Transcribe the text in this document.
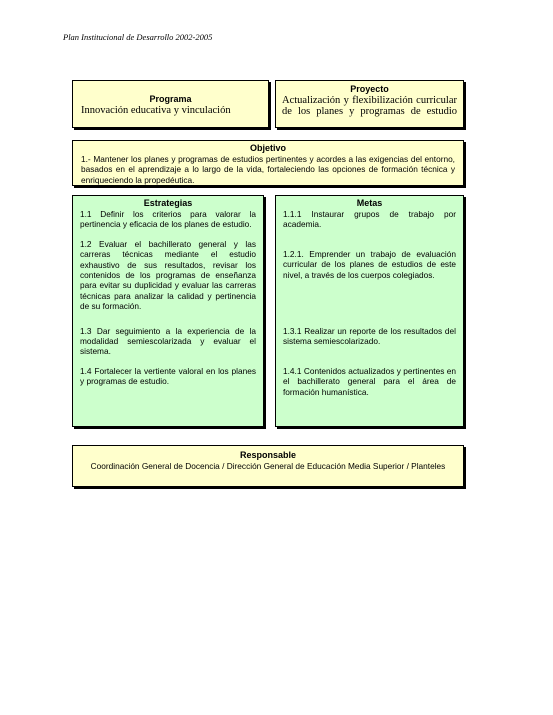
Plan Institucional de Desarrollo 2002-2005
Programa
Innovación educativa y vinculación
Proyecto
Actualización y flexibilización curricular de los planes y programas de estudio
Objetivo
1.- Mantener los planes y programas de estudios pertinentes y acordes a las exigencias del entorno, basados en el aprendizaje a lo largo de la vida, fortaleciendo las opciones de formación técnica y enriqueciendo la propedéutica.
Estrategias

1.1 Definir los criterios para valorar la pertinencia y eficacia de los planes de estudio.

1.2 Evaluar el bachillerato general y las carreras técnicas mediante el estudio exhaustivo de sus resultados, revisar los contenidos de los programas de enseñanza para evitar su duplicidad y evaluar las carreras técnicas para analizar la calidad y pertinencia de su formación.

1.3 Dar seguimiento a la experiencia de la modalidad semiescolarizada y evaluar el sistema.

1.4 Fortalecer la vertiente valoral en los planes y programas de estudio.

Metas

1.1.1 Instaurar grupos de trabajo por academia.

1.2.1. Emprender un trabajo de evaluación curricular de los planes de estudios de este nivel, a través de los cuerpos colegiados.

1.3.1 Realizar un reporte de los resultados del sistema semiescolarizado.

1.4.1 Contenidos actualizados y pertinentes en el bachillerato general para el área de formación humanística.

Responsable
Coordinación General de Docencia / Dirección General de Educación Media Superior / Planteles
